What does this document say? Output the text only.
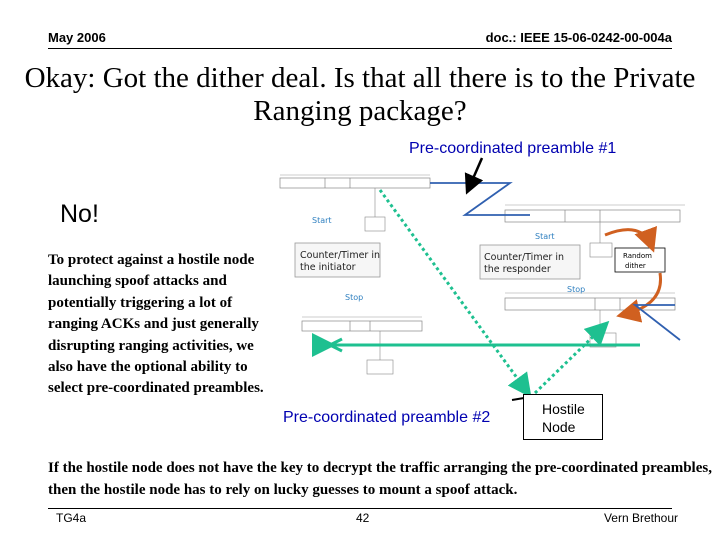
May 2006	doc.: IEEE 15-06-0242-00-004a
Okay: Got the dither deal. Is that all there is to the Private Ranging package?
Counter/Timer in
the initiator
Counter/Timer in
the responder
Start
Start
Stop
Stop
Random
dither
Pre-coordinated preamble #1
Pre-coordinated preamble #2
No!
To protect against a hostile node launching spoof attacks and potentially triggering a lot of ranging ACKs and just generally disrupting ranging activities, we also have the optional ability to select pre-coordinated preambles.
Hostile Node
If the hostile node does not have the key to decrypt the traffic arranging the pre-coordinated preambles, then the hostile node has to rely on lucky guesses to mount a spoof attack.
TG4a	42	Vern Brethour
